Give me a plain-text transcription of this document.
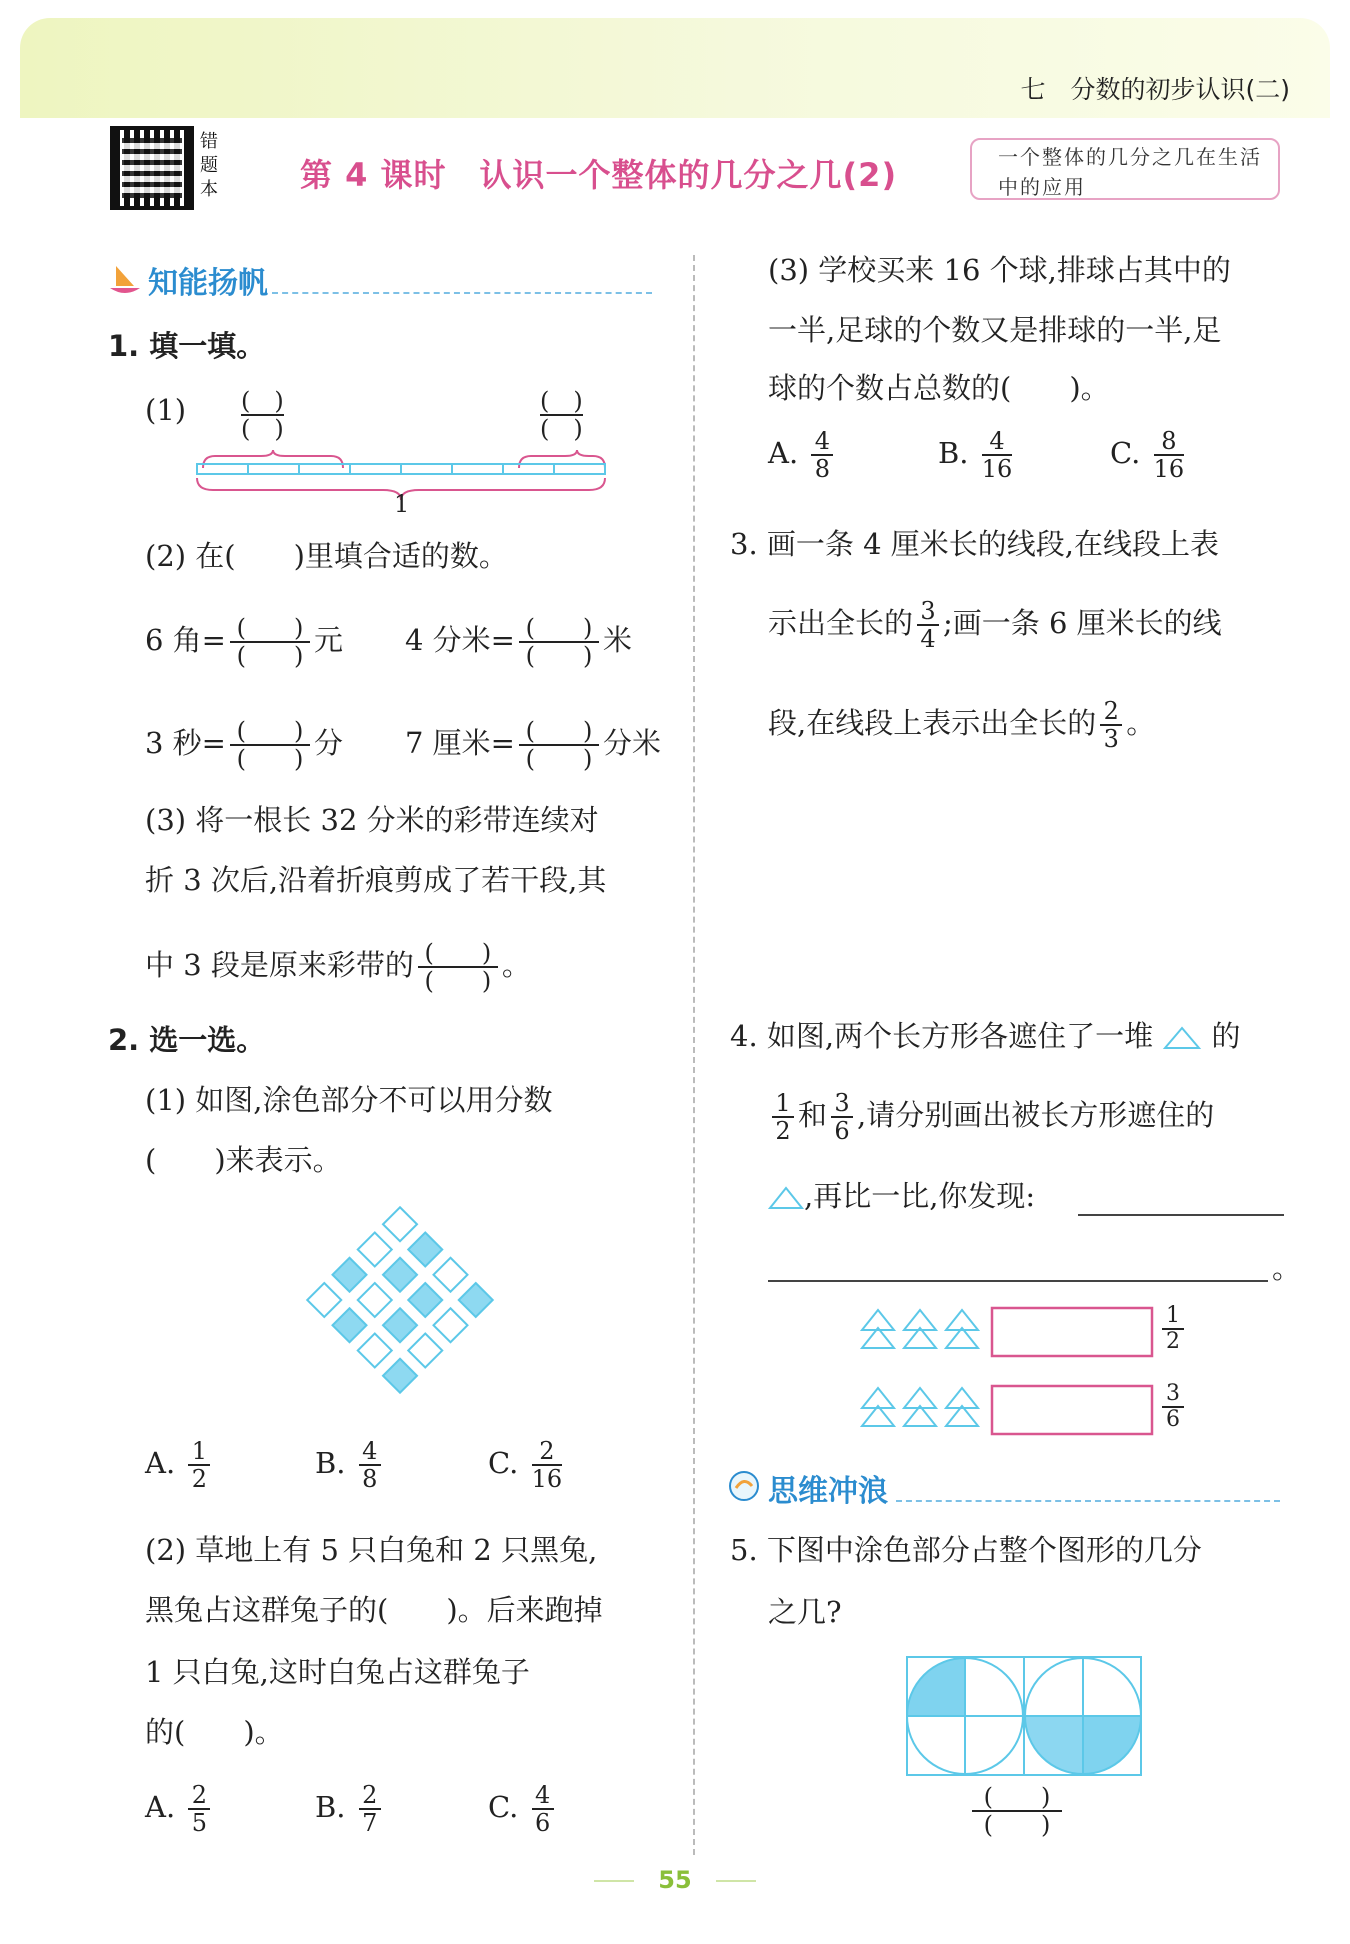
七　分数的初步认识(二)
错题本	第 4 课时　认识一个整体的几分之几(2)	一个整体的几分之几在生活中的应用
知能扬帆
1. 填一填。
$(1) \frac{( )}{( )}$	$\frac{( )}{( )}$
1
(2) 在(　　)里填合适的数。
6 角= $\frac{( )}{( )}$ 元 4 分米= $\frac{( )}{( )}$ 米
3 秒= $\frac{( )}{( )}$ 分 7 厘米= $\frac{( )}{( )}$ 分米
(3) 将一根长 32 分米的彩带连续对
折 3 次后,沿着折痕剪成了若干段,其
中 3 段是原来彩带的 $\frac{( )}{( )}$ 。
2. 选一选。
(1) 如图,涂色部分不可以用分数
(　　)来表示。
A. $\frac{1}{2}$	B. $\frac{4}{8}$	C. $\frac{2}{16}$
(2) 草地上有 5 只白兔和 2 只黑兔,
黑兔占这群兔子的(　　)。后来跑掉
1 只白兔,这时白兔占这群兔子
的(　　)。
A. $\frac{2}{5}$	B. $\frac{2}{7}$	C. $\frac{4}{6}$
(3) 学校买来 16 个球,排球占其中的
一半,足球的个数又是排球的一半,足
球的个数占总数的(　　)。
A. $\frac{4}{8}$	B. $\frac{4}{16}$	C. $\frac{8}{16}$
3. 画一条 4 厘米长的线段,在线段上表
示出全长的 $\frac{3}{4}$ ;画一条 6 厘米长的线
段,在线段上表示出全长的 $\frac{2}{3}$ 。
4. 如图,两个长方形各遮住了一堆 的
$\frac{1}{2}$ 和 $\frac{3}{6}$ ,请分别画出被长方形遮住的
,再比一比,你发现:
。
$\frac{1}{2}$
$\frac{3}{6}$
思维冲浪
5. 下图中涂色部分占整个图形的几分
之几?
$\frac{( )}{( )}$
55
